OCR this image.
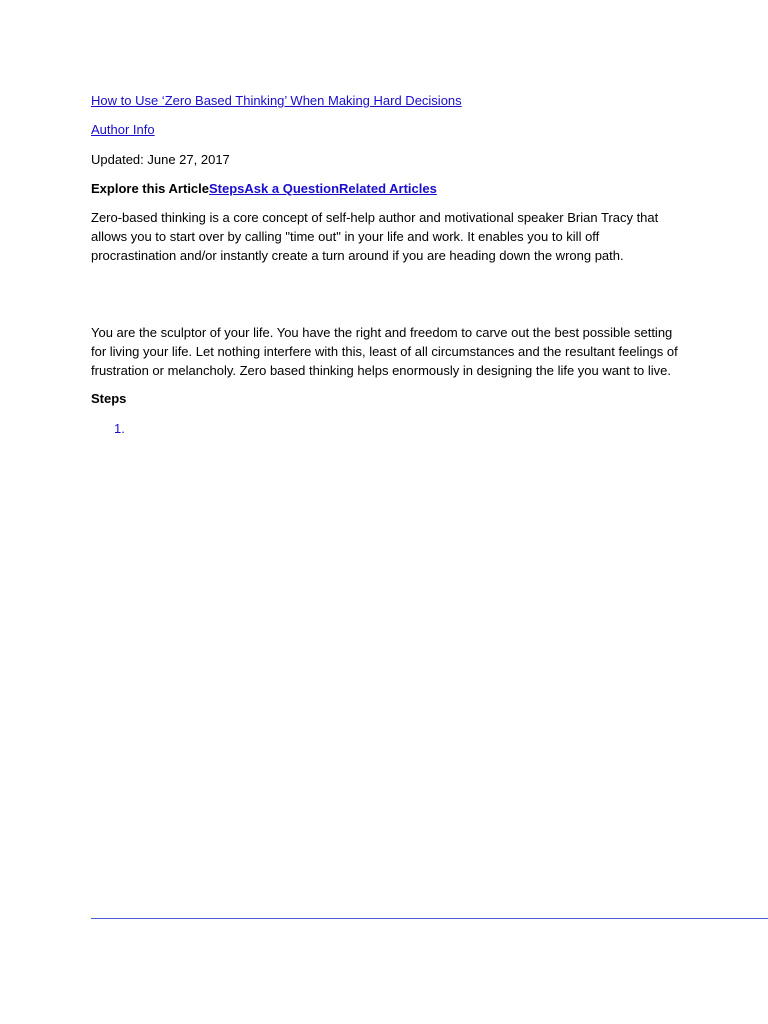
How to Use ‘Zero Based Thinking’ When Making Hard Decisions
Author Info
Updated: June 27, 2017
Explore this ArticleStepsAsk a QuestionRelated Articles
Zero-based thinking is a core concept of self-help author and motivational speaker Brian Tracy that
allows you to start over by calling "time out" in your life and work. It enables you to kill off
procrastination and/or instantly create a turn around if you are heading down the wrong path.
You are the sculptor of your life. You have the right and freedom to carve out the best possible setting
for living your life. Let nothing interfere with this, least of all circumstances and the resultant feelings of
frustration or melancholy. Zero based thinking helps enormously in designing the life you want to live.
Steps
1.
